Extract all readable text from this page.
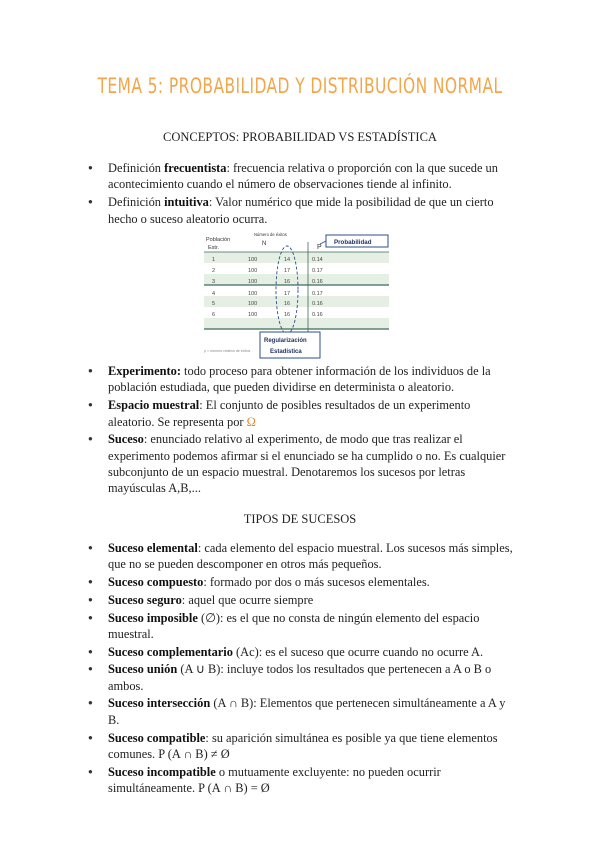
TEMA 5: PROBABILIDAD Y DISTRIBUCIÓN NORMAL
CONCEPTOS: PROBABILIDAD VS ESTADÍSTICA
● Definición frecuentista: frecuencia relativa o proporción con la que sucede un acontecimiento cuando el número de observaciones tiende al infinito.
● Definición intuitiva: Valor numérico que mide la posibilidad de que un cierto hecho o suceso aleatorio ocurra.
Población
Número de éxitos
N	P
Estr.
1	100	14	0.14
2	100	17	0.17
3	100	16	0.16
4	100	17	0.17
5	100	16	0.16
6	100	16	0.16
Probabilidad
Regularización
Estadística
p = número relativo de éxitos
● Experimento: todo proceso para obtener información de los individuos de la población estudiada, que pueden dividirse en determinista o aleatorio.
● Espacio muestral: El conjunto de posibles resultados de un experimento aleatorio. Se representa por Ω
● Suceso: enunciado relativo al experimento, de modo que tras realizar el experimento podemos afirmar si el enunciado se ha cumplido o no. Es cualquier subconjunto de un espacio muestral. Denotaremos los sucesos por letras mayúsculas A,B,...
TIPOS DE SUCESOS
● Suceso elemental: cada elemento del espacio muestral. Los sucesos más simples, que no se pueden descomponer en otros más pequeños.
● Suceso compuesto: formado por dos o más sucesos elementales.
● Suceso seguro: aquel que ocurre siempre
● Suceso imposible (∅): es el que no consta de ningún elemento del espacio muestral.
● Suceso complementario (Ac): es el suceso que ocurre cuando no ocurre A.
● Suceso unión (A ∪ B): incluye todos los resultados que pertenecen a A o B o ambos.
● Suceso intersección (A ∩ B): Elementos que pertenecen simultáneamente a A y B.
● Suceso compatible: su aparición simultánea es posible ya que tiene elementos comunes. P (A ∩ B) ≠ Ø
● Suceso incompatible o mutuamente excluyente: no pueden ocurrir simultáneamente. P (A ∩ B) = Ø
